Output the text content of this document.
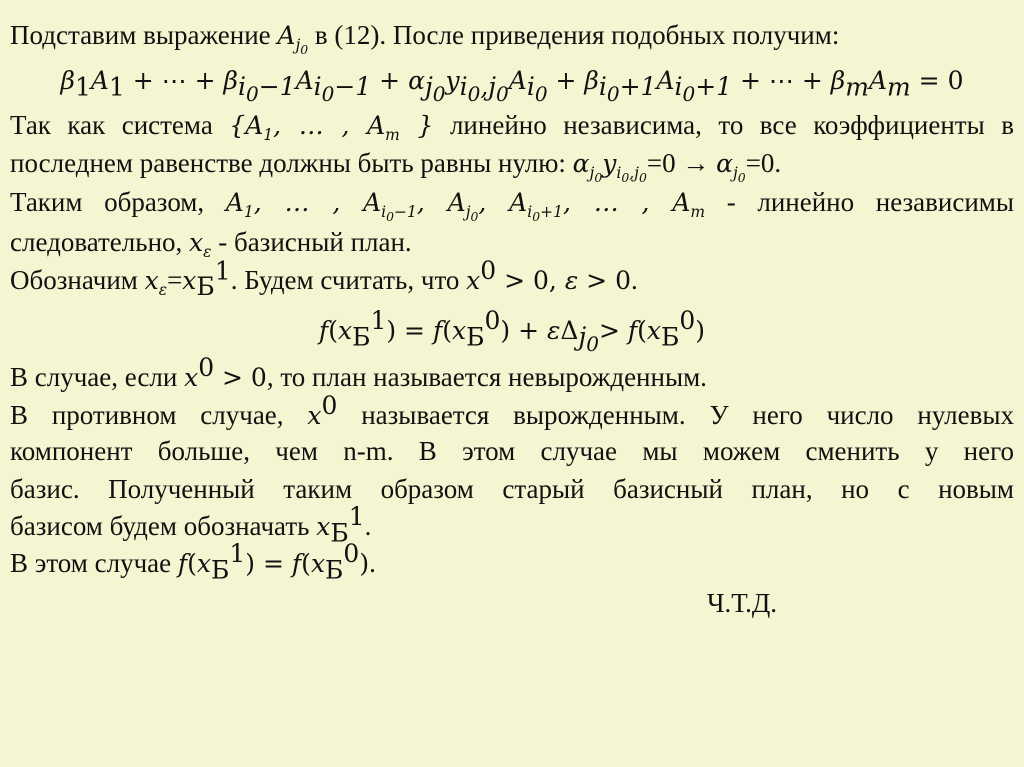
Подставим выражение $A_{j_0}$ в (12). После приведения подобных получим:
$\beta_1A_1$ + ⋯ + $\beta_{i_0-1}A_{i_0-1} + \alpha_{j_0}y_{i_0,j_0}A_{i_0} + \beta_{i_0+1}A_{i_0+1}$ + ⋯ + $\beta_mA_m = 0$
Так как система {$A_1$, … , $A_m$ } линейно независима, то все коэффициенты в
последнем равенстве должны быть равны нулю: $\alpha_{j_0}y_{i_0,j_0}=0 \to \alpha_{j_0}=0$.
Таким образом, $A_1$, … , $A_{i_0-1}$, $A_{j_0}$, $A_{i_0+1}$, … , $A_m$ - линейно независимы
следовательно, $x_\varepsilon$ - базисный план.
Обозначим $x_\varepsilon=x_Б^1$. Будем считать, что $x^0 > 0$, ε > 0.
$f(x_Б^1) = f(x_Б^0) + \varepsilon\Delta_{j_0}> f(x_Б^0)$
В случае, если $x^0 > 0$, то план называется невырожденным.
В противном случае, $x^0$ называется вырожденным. У него число нулевых
компонент больше, чем n-m. В этом случае мы можем сменить у него
базис. Полученный таким образом старый базисный план, но с новым
базисом будем обозначать $x_Б^1$.
В этом случае $f(x_Б^1) = f(x_Б^0)$.
Ч.Т.Д.
